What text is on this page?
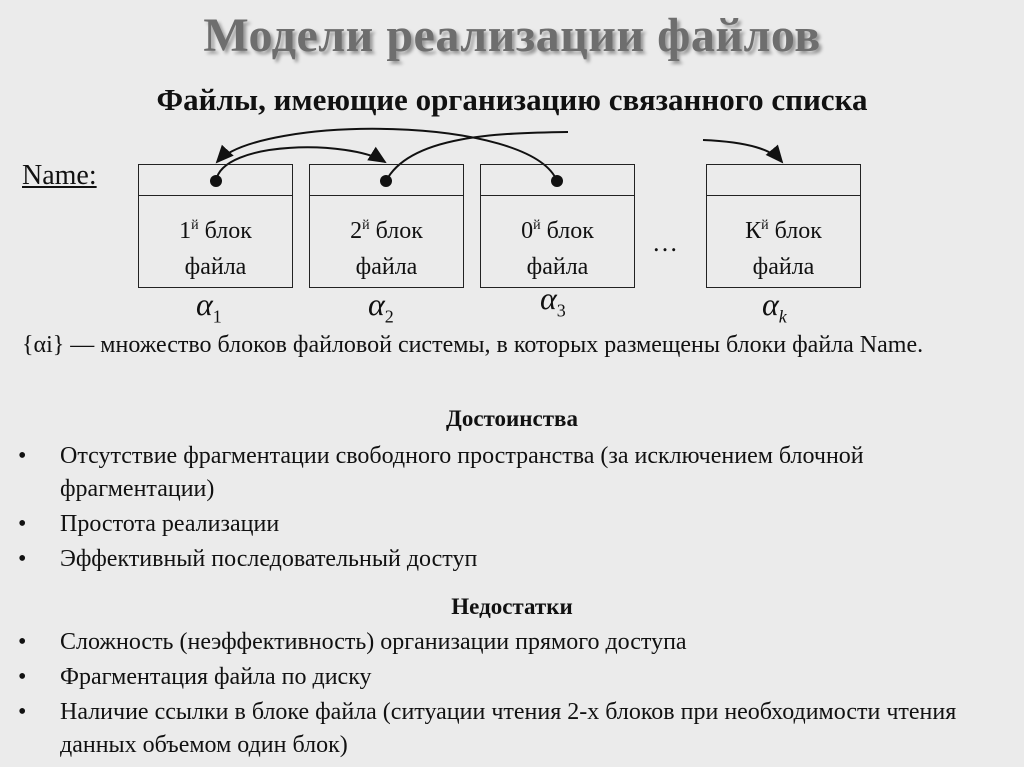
Модели реализации файлов
Файлы, имеющие организацию связанного списка
Name:
$1^й$ блок
файла
$2^й$ блок
файла
$0^й$ блок
файла
$К^й$ блок
файла
…
$\alpha_1$	$\alpha_2$
$\alpha_3$	$\alpha_k$
{αi} — множество блоков файловой системы, в которых размещены блоки файла Name.
Достоинства
• Отсутствие фрагментации свободного пространства (за исключением блочной фрагментации)
• Простота реализации
• Эффективный последовательный доступ
Недостатки
• Сложность (неэффективность) организации прямого доступа
• Фрагментация файла по диску
• Наличие ссылки в блоке файла (ситуации чтения 2-х блоков при необходимости чтения данных объемом один блок)
